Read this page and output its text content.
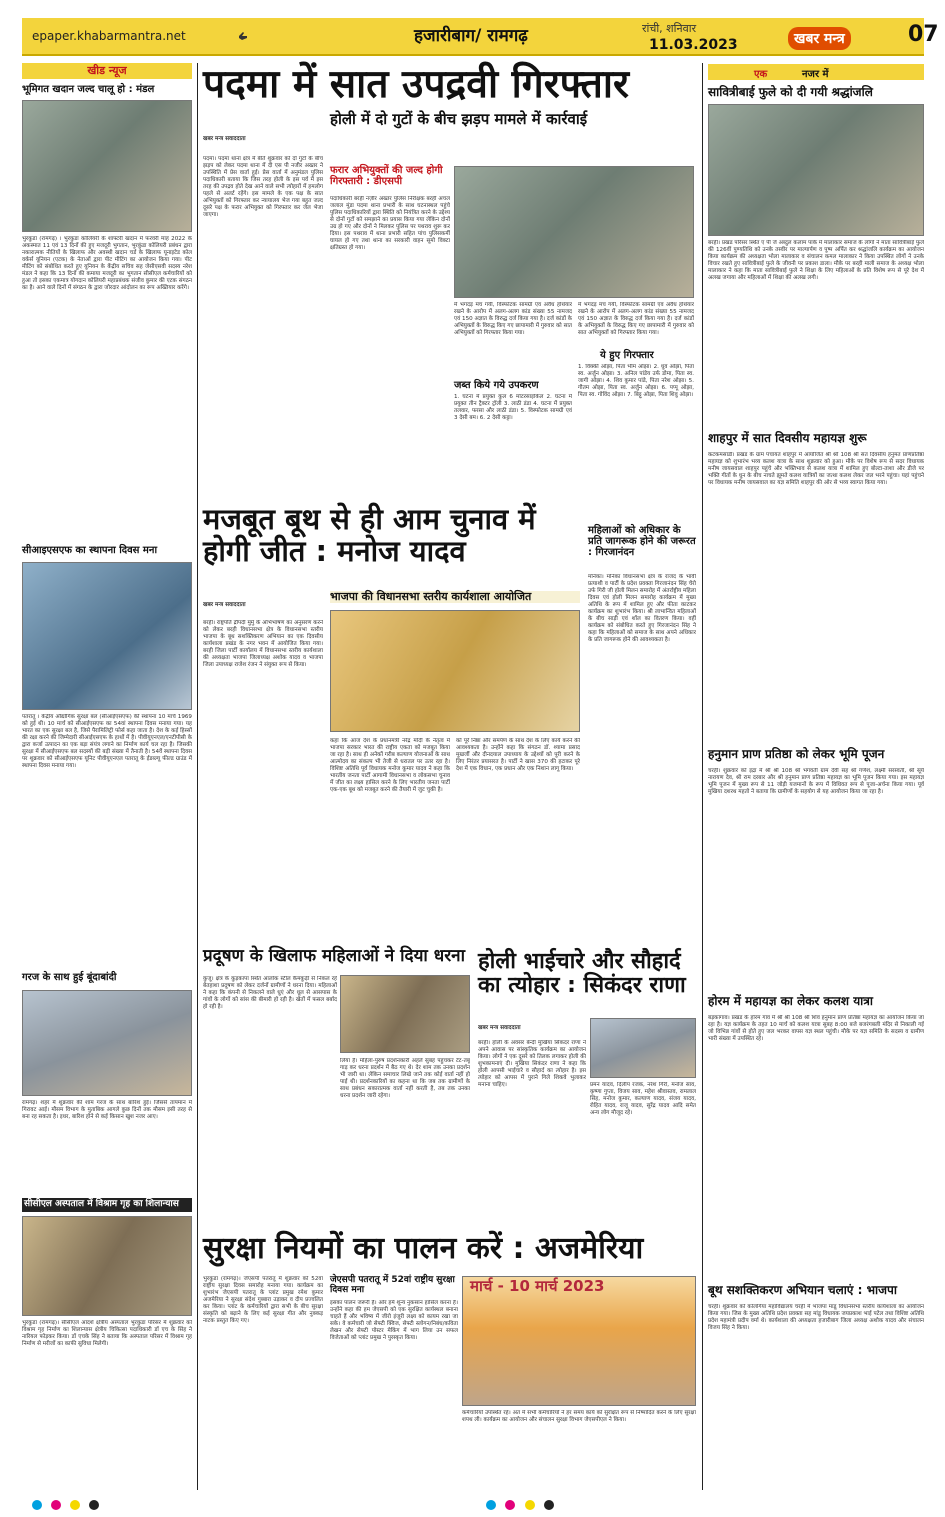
epaper.khabarmantra.net	हजारीबाग/ रामगढ़	रांची, शनिवार
11.03.2023	खबर मन्त्र	07
खीड न्यूज
भूमिगत खदान जल्द चालू हो : मंडल
भुरकुंडा (रामगढ़) । भुरकुंडा कोलियरी के शाफ्टरी खदान में फरवरी माह 2022 के अकस्मात 11 एवं 13 दिनों की हुए मजदूरी भुगतान, भुरकुंडा कोलियरी प्रबंधन द्वारा नकारात्मक नीतियों के खिलाफ और अवस्थी खदान चर्ड के खिलाफ यूनाइटेड कोल वर्कर्स यूनियन (एटक) के नेताओं द्वारा पीट मीटिंग का आयोजन किया गया। पीट मीटिंग को संबोधित करते हुए यूनियन के केंद्रीय सचिव सह जेसीएसवी सदस्य नरेश मंडल ने कहा कि 13 दिनों की कमाया मजदूरी का भुगतान सीसीएल कर्मचारियों को हुआ तो इसका एकमात्र योगदान कोलियरी महाप्रबंधक संजीव कुमार की एटक संगठन का है। आने वाले दिनों में संगठन के द्वारा जोरदार आंदोलन का रूप अख्तियार करेंगे।
सीआइएसएफ का स्थापना दिवस मना
पतरातू । केंद्रीय औद्योगिक सुरक्षा बल (सीआईएसएफ) की स्थापना 10 मार्च 1969 को हुई थी। 10 मार्च को सीआईएसएफ का 54वां स्थापना दिवस मनाया गया। यह भारत का एक सुरक्षा बल है, जिसे पैरामिलिट्री फोर्स कहा जाता है। देश के कई हिस्सों की रक्षा करने की जिम्मेदारी सीआईएसएफ के हाथों में है। पीवीयूएनएल/एनटीपीसी के द्वारा कर्जा उत्पादन का एक बड़ा संयंत्र लगाने का निर्माण कार्य चल रहा है। जिसकी सुरक्षा में सीआईएसएफ बल सदस्यों की बड़ी संख्या में तैनाती है। 54वें स्थापना दिवस पर शुक्रवार को सीआईएसएफ यूनिट पीवीयूएनएल पतरातू के ईडब्ल्यू फील्ड ग्राउंड में स्थापना दिवस मनाया गया।
गरज के साथ हुई बूंदाबांदी
रामगढ़। शहर में शुक्रवार की शाम गरज के साथ बारिश हुई। जिससे तापमान में गिरावट आई। मौसम विभाग के मुताबिक आगले कुछ दिनों तक मौसम इसी तरह से बना रह सकता है। इधर, बारिश होने से कई किसान खुश नजर आए।
सीसीएल अस्पताल में विश्राम गृह का शिलान्यास
भुरकुंडा (रामगढ़)। सीसीएल आदर्श क्षेत्रीय अस्पताल भुरकुंडा परिसर में शुक्रवार को विश्राम गृह निर्माण का शिलान्यास क्षेत्रीय चिकित्सा पदाधिकारी डॉ एच के सिंह ने नारियल फोड़कर किया। डॉ एचके सिंह ने बताया कि अस्पताल परिसर में विश्राम गृह निर्माण से मरीजों का काफी सुविधा मिलेगी।
पदमा में सात उपद्रवी गिरफ्तार
होली में दो गुटों के बीच झड़प मामले में कार्रवाई
खबर मन्त्र संवाददाता
पदमा। पदमा थाना क्षेत्र में बीते शुक्रवार को दो गुटों के बीच झड़प को लेकर पदमा थाना में दी एस पी नजीर अख्तर ने उपस्थिति में प्रेस वार्ता हुई। प्रेस वार्ता में अनुमंडल पुलिस पदाधिकारी बताया कि जिस तरह होली के इस पर्व में इस तरह की उपद्रव होते देख आने वाले सभी त्योहारों में हमलोग पहले से अलर्ट रहेंगे। इस मामले के एक पक्ष के सात अभियुक्तों को गिरफ्तार कर न्यायालय भेज गया बहुत जल्द दूसरे पक्ष के फरार अभियुक्त को गिरफ्तार कर जेल भेजा जाएगा।
फरार अभियुक्तों की जल्द होगी गिरफ्तारी : डीएसपी
पदाधिकारी बरही नज़ीर अख्तर पुलिस निरीक्षक बरही अंचल जलाल मुंडा पदमा थाना प्रभारी के साथ घटनास्थल पहुंचे पुलिस पदाधिकारियों द्वारा स्थिति को नियंत्रित करने के उद्देश्य से दोनों गुटों को समझाने का प्रयास किया गया लेकिन दोनों उग्र हो गए और दोनों ने मिलकर पुलिस पर पथराव शुरू कर दिया। इस पथराव में थाना प्रभारी सहित पांच पुलिसकर्मी घायल हो गए तथा थाना का सरकारी वाहन सूमो विक्टा क्षतिग्रस्त हो गया।
में भगदड़ मच गयी, विस्फोटक सामग्री एवं अवैध हथियार रखने के आरोप में अलग-अलग कांड संख्या 55 नामजद एवं 150 अज्ञात के विरुद्ध दर्ज किया गया है। दर्ज कांडों के अभियुक्तों के विरुद्ध किए गए छापामारी में गुरुवार को सात अभियुक्तों को गिरफ्तार किया गया।
जब्त किये गये उपकरण
1. घटना में प्रयुक्त कुल 6 मोटरसाइकिल 2. घटना में प्रयुक्त तीन ट्रैक्टर ट्रॉली 3. लाठी डंडा 4. घटना में प्रयुक्त तलवार, फरसा और लाठी डंडा। 5. विस्फोटक सामग्री एवं 3 देसी बम। 6. 2 देसी कट्टा।
में भगदड़ मच गयी, विस्फोटक सामग्री एवं अवैध हथियार रखने के आरोप में अलग-अलग कांड संख्या 55 नामजद एवं 150 अज्ञात के विरुद्ध दर्ज किया गया है। दर्ज कांडों के अभियुक्तों के विरुद्ध किए गए छापामारी में गुरुवार को सात अभियुक्तों को गिरफ्तार किया गया।
ये हुए गिरफ्तार
1. विक्की ओझा, पिता भीम ओझा। 2. धुव ओझा, पिता स्व. अर्जुन ओझा। 3. अनिल पांडेय उर्फ डोमा, पिता स्व. जागी ओझा। 4. शिव कुमार पांडे, पिता नरेश ओझा। 5. गौतम ओझा, पिता स्व. अर्जुन ओझा। 6. पप्पू ओझा, पिता स्व. गोविंद ओझा। 7. बिट्टू ओझा, पिता शिवु ओझा।
मजबूत बूथ से ही आम चुनाव में होगी जीत : मनोज यादव
भाजपा की विधानसभा स्तरीय कार्यशाला आयोजित
खबर मन्त्र संवाददाता
बरही। राष्ट्रपति द्रौपदी मुर्मु के अभिभाषण का अनुसरण करने को लेकर बरही विधानसभा क्षेत्र के विधानसभा स्तरीय भाजपा के बूथ सशक्तिकरण अभियान का एक दिवसीय कार्यशाला प्रखंड के नगर भवन में आयोजित किया गया। बरही जिला पार्टी कार्यालय में विधानसभा स्तरीय कार्यशाला की अध्यक्षता भाजपा जिलाध्यक्ष अशोक यादव व भाजपा जिला उपाध्यक्ष राजेश रंजन ने संयुक्त रूप से किया।
कहा कि आज देश के प्रधानमंत्री नरेंद्र मोदी के नेतृत्व में भाजपा सरकार भारत की राष्ट्रीय एकता को मजबूत किया जा रहा है। साथ ही अनेकों गरीब कल्याण योजनाओं के साथ आत्मोदय का संकल्प भी तेजी से धरातल पर उतर रहा है। विशिष्ट अतिथि पूर्व विधायक मनोज कुमार यादव ने कहा कि भारतीय जनता पार्टी आगामी विधानसभा व लोकसभा चुनाव में जीत का लक्ष्य हासिल करने के लिए भारतीय जनता पार्टी एक-एक बूथ को मजबूत करने की तैयारी में जुट चुकी है।
को पूरे निष्ठा और समर्पण के साथ देश के लिए कार्य करने की आवश्यकता है। उन्होंने कहा कि संगठन डॉ. श्यामा प्रसाद मुखर्जी और दीनदयाल उपाध्याय के उद्देश्यों को पूरी करने के लिए निरंतर प्रयासरत है। पार्टी ने खास 370 की हटाकर पूरे देश में एक विधान, एक प्रधान और एक निशान लागू किया।
महिलाओं को अधिकार के प्रति जागरूक होने की जरूरत : गिरजानंदन
मनिका। मनिका विधानसभा क्षेत्र के राजद के भावी प्रत्याशी व पार्टी के प्रदेश प्रवक्ता गिरजानंदन सिंह चेरो उर्फ गिरी जी होली मिलन समारोह में अंतर्राष्ट्रीय महिला दिवस एवं होली मिलन समारोह कार्यक्रम में मुख्य अतिथि के रूप में शामिल हुए और फीता काटकर कार्यक्रम का शुभारंभ किया। श्री लाभान्वित महिलाओं के बीच साड़ी एवं शॉल का वितरण किया। वहीं कार्यक्रम को संबोधित करते हुए गिरजानंदन सिंह ने कहा कि महिलाओं को समाज के साथ अपने अधिकार के प्रति जागरूक होने की आवश्यकता है।
प्रदूषण के खिलाफ महिलाओं ने दिया धरना
कुजू। क्षेत्र के कुड़कापा स्थित आलोक स्टील कैमकुड़ी से निकल रहे बेतहाशा प्रदूषण को लेकर दर्जनों ग्रामीणों ने धरना दिया। महिलाओं ने कहा कि कंपनी से निकलने वाले धुएं और धूल से आसपास के गांवों के लोगों को सांस की बीमारी हो रही है। खेतों में फसल बर्बाद हो रही है।
लिया है। महिला-पुरुष प्रदर्शनकारी अहले सुबह पहुंचकर टेंट-तंबू गाड़ कर धरना प्रदर्शन में बैठ गए थे। देर शाम तक उनका प्रदर्शन भी जारी था। लेकिन समाचार लिखे जाने तक कोई वार्ता नहीं हो पाई थी। प्रदर्शनकारियों का कहना था कि जब तक ग्रामीणों के साथ प्रबंधन सकारात्मक वार्ता नहीं करती है, तब तक उनका धरना प्रदर्शन जारी रहेगा।
होली भाईचारे और सौहार्द का त्योहार : सिकंदर राणा
खबर मन्त्र संवाददाता
बरही। होली के अवसर बेन्दी मुखिया सिकंदर राणा ने अपने आवास पर सांस्कृतिक कार्यक्रम का आयोजन किया। लोगों ने एक दूसरे को तिलक लगाकर होली की शुभकामनाएं दी। मुखिया सिकंदर राणा ने कहा कि होली आपसी भाईचारे व सौहार्द का त्योहार है। इस त्योहार को आपस में पुराने गिले शिकवे भुलाकर मनाना चाहिए।	प्रमन यादव, दिलीप रजक, नरेश गिरी, मनोज साव, कृष्णा गुप्ता, विजय साव, महेश श्रीवास्तव, रामलाल सिंह, मनोज कुमार, कल्याण यादव, संजय यादव, रोहित यादव, राजू यादव, सुरेंद्र यादव आदि समेत अन्य लोग मौजूद रहे।
सुरक्षा नियमों का पालन करें : अजमेरिया
भुरकुंडा (रामगढ़)। जेएसपी पतरातू में शुक्रवार को 52वां राष्ट्रीय सुरक्षा दिवस समारोह मनाया गया। कार्यक्रम का शुभारंभ जेएसपी पतरातू के प्लांट प्रमुख रमेश कुमार अजमेरिया ने सुरक्षा संदेश गुब्बारा उड़ाकर व दीप प्रज्वलित कर किया। प्लांट के कर्मचारियों द्वारा सभी के बीच सुरक्षा संस्कृति को बढ़ाने के लिए कई सुरक्षा गीत और नुक्कड़ नाटक प्रस्तुत किए गए।
जेएसपी पतरातू में 52वां राष्ट्रीय सुरक्षा दिवस मना
इसका पालन जरूरी है। ओर हमें शून्य नुकसान हासिल करना है। उन्होंने कहा की हम जेएसपी को एक सुरक्षित कार्यस्थल बनाना चाहते हैं और भविष्य में जीरो इंजुरी लक्ष्य को कायम रखा जा सके। वे कर्मचारी जो सेफ्टी क्विज, सेफ्टी स्लोगन/निबंध/कविता लेखन और सेफ्टी पोस्टर मेकिंग में भाग लिया उन सफल विजेताओं को प्लांट प्रमुख ने पुरस्कृत किया।
मार्च - 10 मार्च 2023
कर्मचारियों उपस्थित रहे। अंत में सभी कर्मचारियों ने हर समय कार्य को सुरक्षित रूप से निष्पादित करने के लिए सुरक्षा शपथ ली। कार्यक्रम का आयोजन और संचालन सुरक्षा विभाग जेएसपीएल ने किया।
एक	नजर में
सावित्रीबाई फुले को दी गयी श्रद्धांजलि
बरही। प्रखंड परिसर स्थित ए पी जे अब्दुल कलाम पार्क में मालाकार समाज के लोगों ने माता सावित्रीबाई फुले की 126वीं पुण्यतिथि को उनके तस्वीर पर माल्यार्पण व पुष्प अर्पित कर श्रद्धांजलि कार्यक्रम का आयोजन किया कार्यक्रम की अध्यक्षता भोला मालाकार व संचालन कमल मालाकार ने किया उपस्थित लोगों ने उनके विचार रखते हुए सावित्रीबाई फुले के जीवनी पर प्रकाश डाला। मौके पर बरही माली समाज के अध्यक्ष भोला मालाकार ने कहा कि माता सावित्रीबाई फुले ने शिक्षा के लिए महिलाओं के प्रति विशेष रूप से पूरे देश में अलख जगाया और महिलाओं में शिक्षा की अलख लगी।
शाहपुर में सात दिवसीय महायज्ञ शुरू
कटकमसांडी। प्रखंड के ग्राम पंचायत शाहपुर में आयोजित श्री श्री 108 श्री सत दिवसीय हनुमंत प्राणप्रतिष्ठा महायज्ञ को शुभारंभ भव्य कलश यात्रा के साथ शुक्रवार को हुआ। मौके पर विशेष रूप से सदर विधायक मनीष जायसवाल शाहपुर पहुंचे और भक्तिभाव से कलश यात्रा में शामिल हुए बोल्टा-ताशा और डीजे पर भक्ति गीतों के धुन के बीच नाचते झूमते कलश यात्रियों का जत्था कलश लेकर जल भरने पहुंचा। यहां पहुंचने पर विधायक मनीष जायसवाल का यज्ञ समिति शाहपुर की ओर से भव्य स्वागत किया गया।
हनुमान प्राण प्रतिष्ठा को लेकर भूमि पूजन
चरही। शुक्रवार को इंद्रा में श्री श्री 108 श्री भगवती ग्राम देवी सह श्री गणेश, लक्ष्मी सरस्वती, श्री सूर्य नारायण देव, श्री राम दरबार और श्री हनुमान प्राण प्रतिष्ठा महायज्ञ का भूमि पूजन किया गया। इस महायज्ञ भूमि पूजन में मुख्य रूप से 11 जोड़ी यजमानों के रूप में विधिवत रूप से पूजा-अर्चना किया गया। पूर्व मुखिया दशरथ महतो ने बताया कि ग्रामीणों के सहयोग से यह आयोजन किया जा रहा है।
होरम में महायज्ञ का लेकर कलश यात्रा
बड़कागांव। प्रखंड के होरम गांव में श्री श्री 108 श्री शिव हनुमान प्राण प्रतिष्ठा महायज्ञ का आयोजन किया जा रहा है। यज्ञ कार्यक्रम के तहत 10 मार्च को कलश यात्रा सुबह 8:00 बजे बजरंगबली मंदिर से निकाली गई जो विभिन्न गांवों से होते हुए जल भरकर वापस यज्ञ स्थल पहुंची। मौके पर यज्ञ समिति के सदस्य व ग्रामीण भारी संख्या में उपस्थित रहे।
बूथ सशक्तिकरण अभियान चलाएं : भाजपा
चरही। शुक्रवार को कोलंगिया महाविद्यालय चरही में भाजपा मांडू विधानसभा स्तरीय कार्यशाला का आयोजन किया गया। जिस के मुख्य अतिथि प्रदेश प्रवक्ता सह मांडू विधायक जयप्रकाश भाई पटेल तथा विशिष्ट अतिथि प्रदेश महामंत्री प्रदीप वर्मा थे। कार्यशाला की अध्यक्षता हजारीबाग जिला अध्यक्ष अशोक यादव और संचालन विजय सिंह ने किया।
